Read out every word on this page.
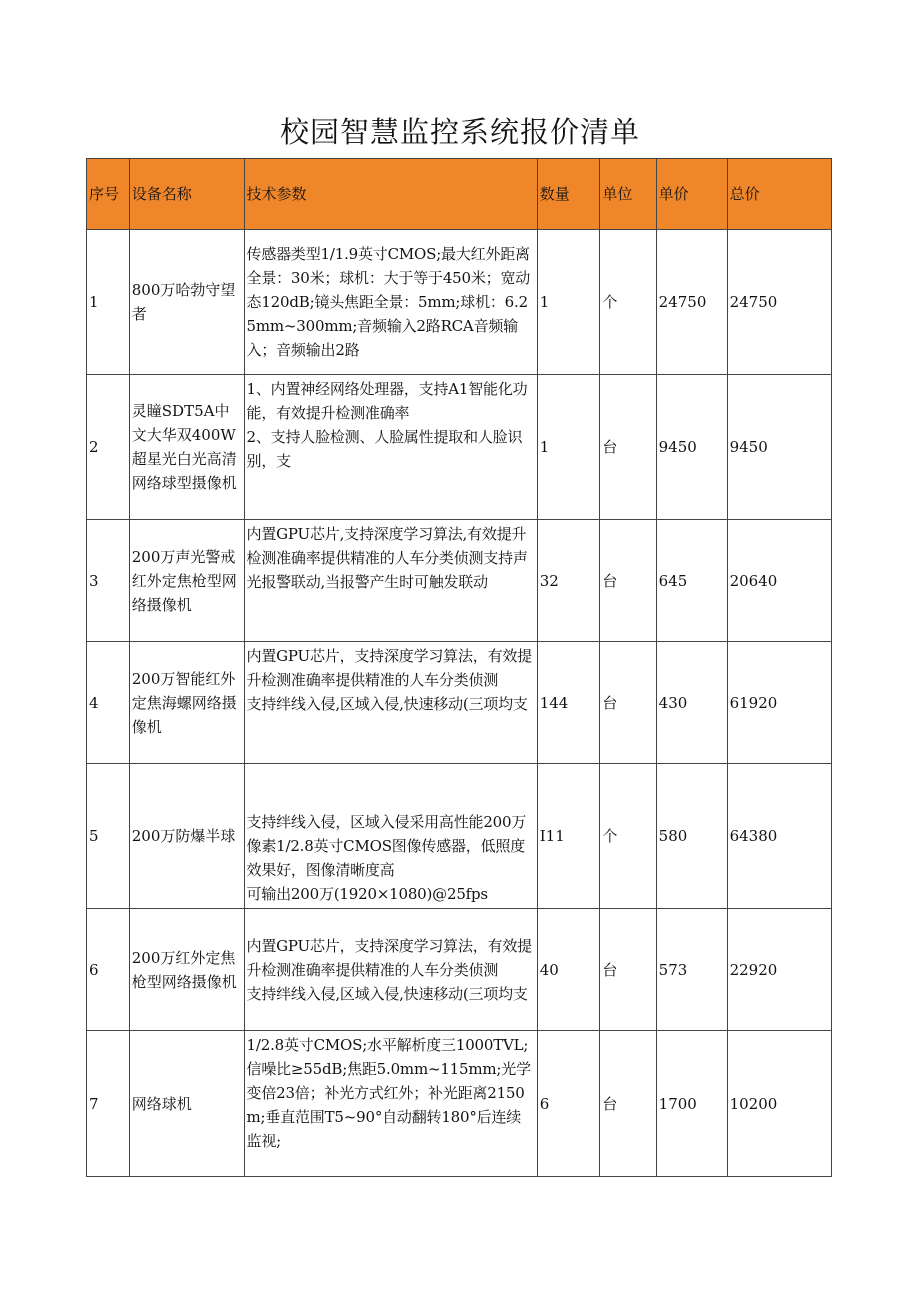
校园智慧监控系统报价清单
序号	设备名称	技术参数	数量	单位	单价	总价
1	800万哈勃守望者	传感器类型1/1.9英寸CMOS;最大红外距离全景：30米；球机：大于等于450米；宽动态120dB;镜头焦距全景：5mm;球机：6.25mm~300mm;音频输入2路RCA音频输入；音频输出2路	1	个	24750	24750
2	灵瞳SDT5A中文大华双400W超星光白光高清网络球型摄像机	1、内置神经网络处理器，支持A1智能化功能，有效提升检测准确率
2、支持人脸检测、人脸属性提取和人脸识别，支	1	台	9450	9450
3	200万声光警戒红外定焦枪型网络摄像机	内置GPU芯片,支持深度学习算法,有效提升检测准确率提供精准的人车分类侦测支持声光报警联动,当报警产生时可触发联动	32	台	645	20640
4	200万智能红外定焦海螺网络摄像机	内置GPU芯片，支持深度学习算法，有效提升检测准确率提供精准的人车分类侦测
支持绊线入侵,区域入侵,快速移动(三项均支	144	台	430	61920
5	200万防爆半球	支持绊线入侵，区域入侵采用高性能200万像素1/2.8英寸CMOS图像传感器，低照度效果好，图像清晰度高
可输出200万(1920×1080)@25fps	I11	个	580	64380
6	200万红外定焦枪型网络摄像机	内置GPU芯片，支持深度学习算法，有效提升检测准确率提供精准的人车分类侦测
支持绊线入侵,区域入侵,快速移动(三项均支	40	台	573	22920
7	网络球机	1/2.8英寸CMOS;水平解析度三1000TVL;信噪比≥55dB;焦距5.0mm~115mm;光学变倍23倍；补光方式红外；补光距离2150m;垂直范围T5~90°自动翻转180°后连续监视;	6	台	1700	10200
